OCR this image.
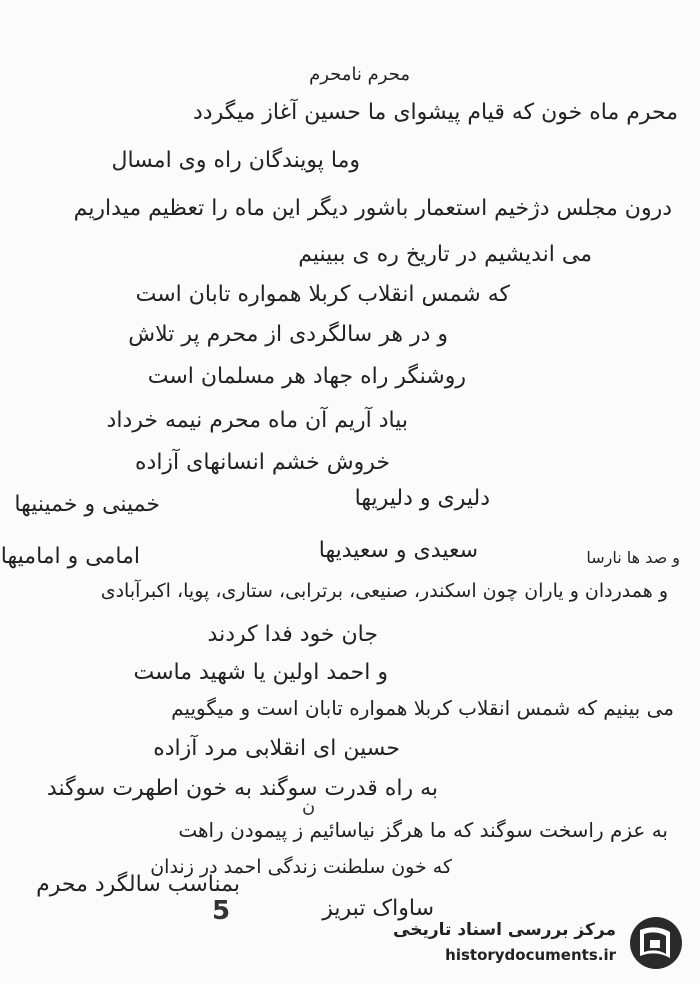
محرم نامحرم
محرم ماه خون که قیام پیشوای ما حسین آغاز میگردد
وما پویندگان راه وی امسال
درون مجلس دژخیم استعمار باشور دیگر این ماه را تعظیم میداریم
می اندیشیم در تاریخ ره ی ببینیم
که شمس انقلاب کربلا همواره تابان است
و در هر سالگردی از محرم پر تلاش
روشنگر راه جهاد هر مسلمان است
بیاد آریم آن ماه محرم نیمه خرداد
خروش خشم انسانهای آزاده
خمینی و خمینیها	دلیری و دلیریها
امامی و امامیها	سعیدی و سعیدیها	و صد ها نارسا
و همدردان و یاران چون اسکندر، صنیعی، برترابی، ستاری، پویا، اکبرآبادی
جان خود فدا کردند
و احمد اولین یا شهید ماست
می بینیم که شمس انقلاب کربلا همواره تابان است و میگوییم
حسین ای انقلابی مرد آزاده
به راه قدرت سوگند به خون اطهرت سوگند
به عزم راسخت سوگند که ما هرگز نیاسائیم ز پیمودن راهت
که خون سلطنت زندگی احمد در زندان
بمناسب سالگرد محرم
ساواک تبریز
ن
5
مرکز بررسی اسناد تاریخی
historydocuments.ir
